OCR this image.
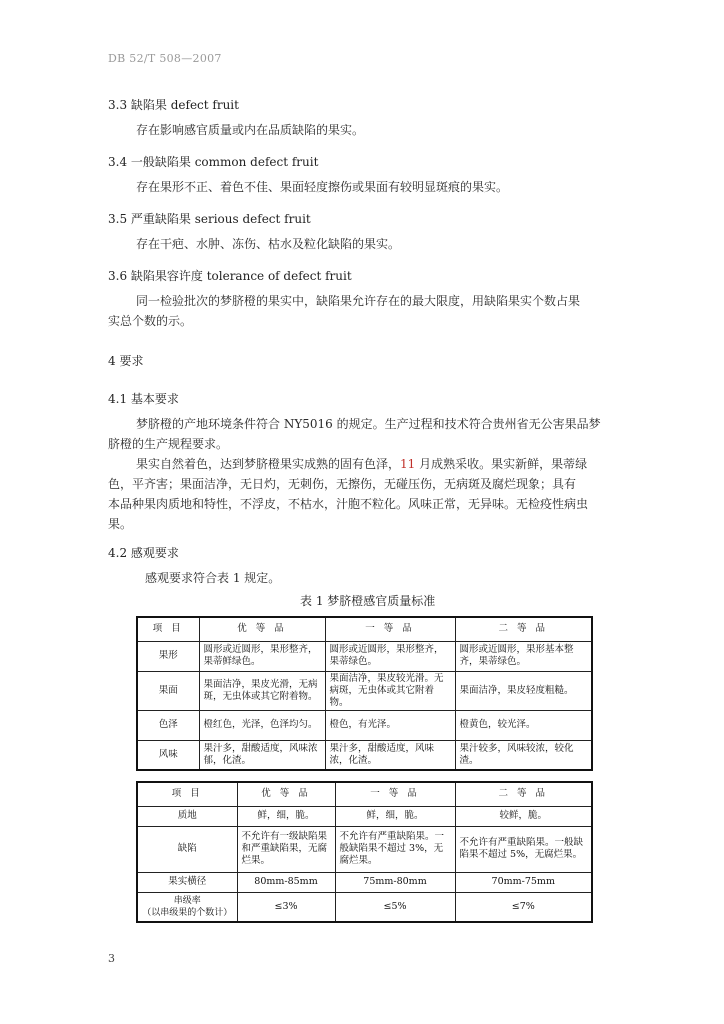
DB 52/T 508—2007
3.3 缺陷果 defect fruit
存在影响感官质量或内在品质缺陷的果实。
3.4 一般缺陷果 common defect fruit
存在果形不正、着色不佳、果面轻度擦伤或果面有较明显斑痕的果实。
3.5 严重缺陷果 serious defect fruit
存在干疤、水肿、冻伤、枯水及粒化缺陷的果实。
3.6 缺陷果容许度 tolerance of defect fruit
同一检验批次的梦脐橙的果实中，缺陷果允许存在的最大限度，用缺陷果实个数占果
实总个数的示。
4 要求
4.1 基本要求
梦脐橙的产地环境条件符合 NY5016 的规定。生产过程和技术符合贵州省无公害果品梦
脐橙的生产规程要求。
果实自然着色，达到梦脐橙果实成熟的固有色泽，11 月成熟采收。果实新鲜，果蒂绿
色，平齐害；果面洁净，无日灼，无刺伤，无擦伤，无碰压伤，无病斑及腐烂现象；具有
本品种果肉质地和特性，不浮皮，不枯水，汁胞不粒化。风味正常，无异味。无检疫性病虫
果。
4.2 感观要求
感观要求符合表 1 规定。
表 1 梦脐橙感官质量标准
项 目	优 等 品	一 等 品	二 等 品
果形	圆形或近圆形，果形整齐，果蒂鲜绿色。	圆形或近圆形，果形整齐，果蒂绿色。	圆形或近圆形，果形基本整齐，果蒂绿色。
果面	果面洁净，果皮光滑，无病斑，无虫体或其它附着物。	果面洁净，果皮较光滑。无病斑，无虫体或其它附着物。	果面洁净，果皮轻度粗糙。
色泽	橙红色，光泽，色泽均匀。	橙色，有光泽。	橙黄色，较光泽。
风味	果汁多，甜酸适度，风味浓郁，化渣。	果汁多，甜酸适度，风味浓，化渣。	果汁较多，风味较浓，较化渣。
项 目	优 等 品	一 等 品	二 等 品
质地	鲜，细，脆。	鲜，细，脆。	较鲜，脆。
缺陷	不允许有一级缺陷果和严重缺陷果，无腐烂果。	不允许有严重缺陷果。一般缺陷果不超过 3%，无腐烂果。	不允许有严重缺陷果。一般缺陷果不超过 5%，无腐烂果。
果实横径	80mm-85mm	75mm-80mm	70mm-75mm
串级率
（以串级果的个数计）	≤3%	≤5%	≤7%
3
